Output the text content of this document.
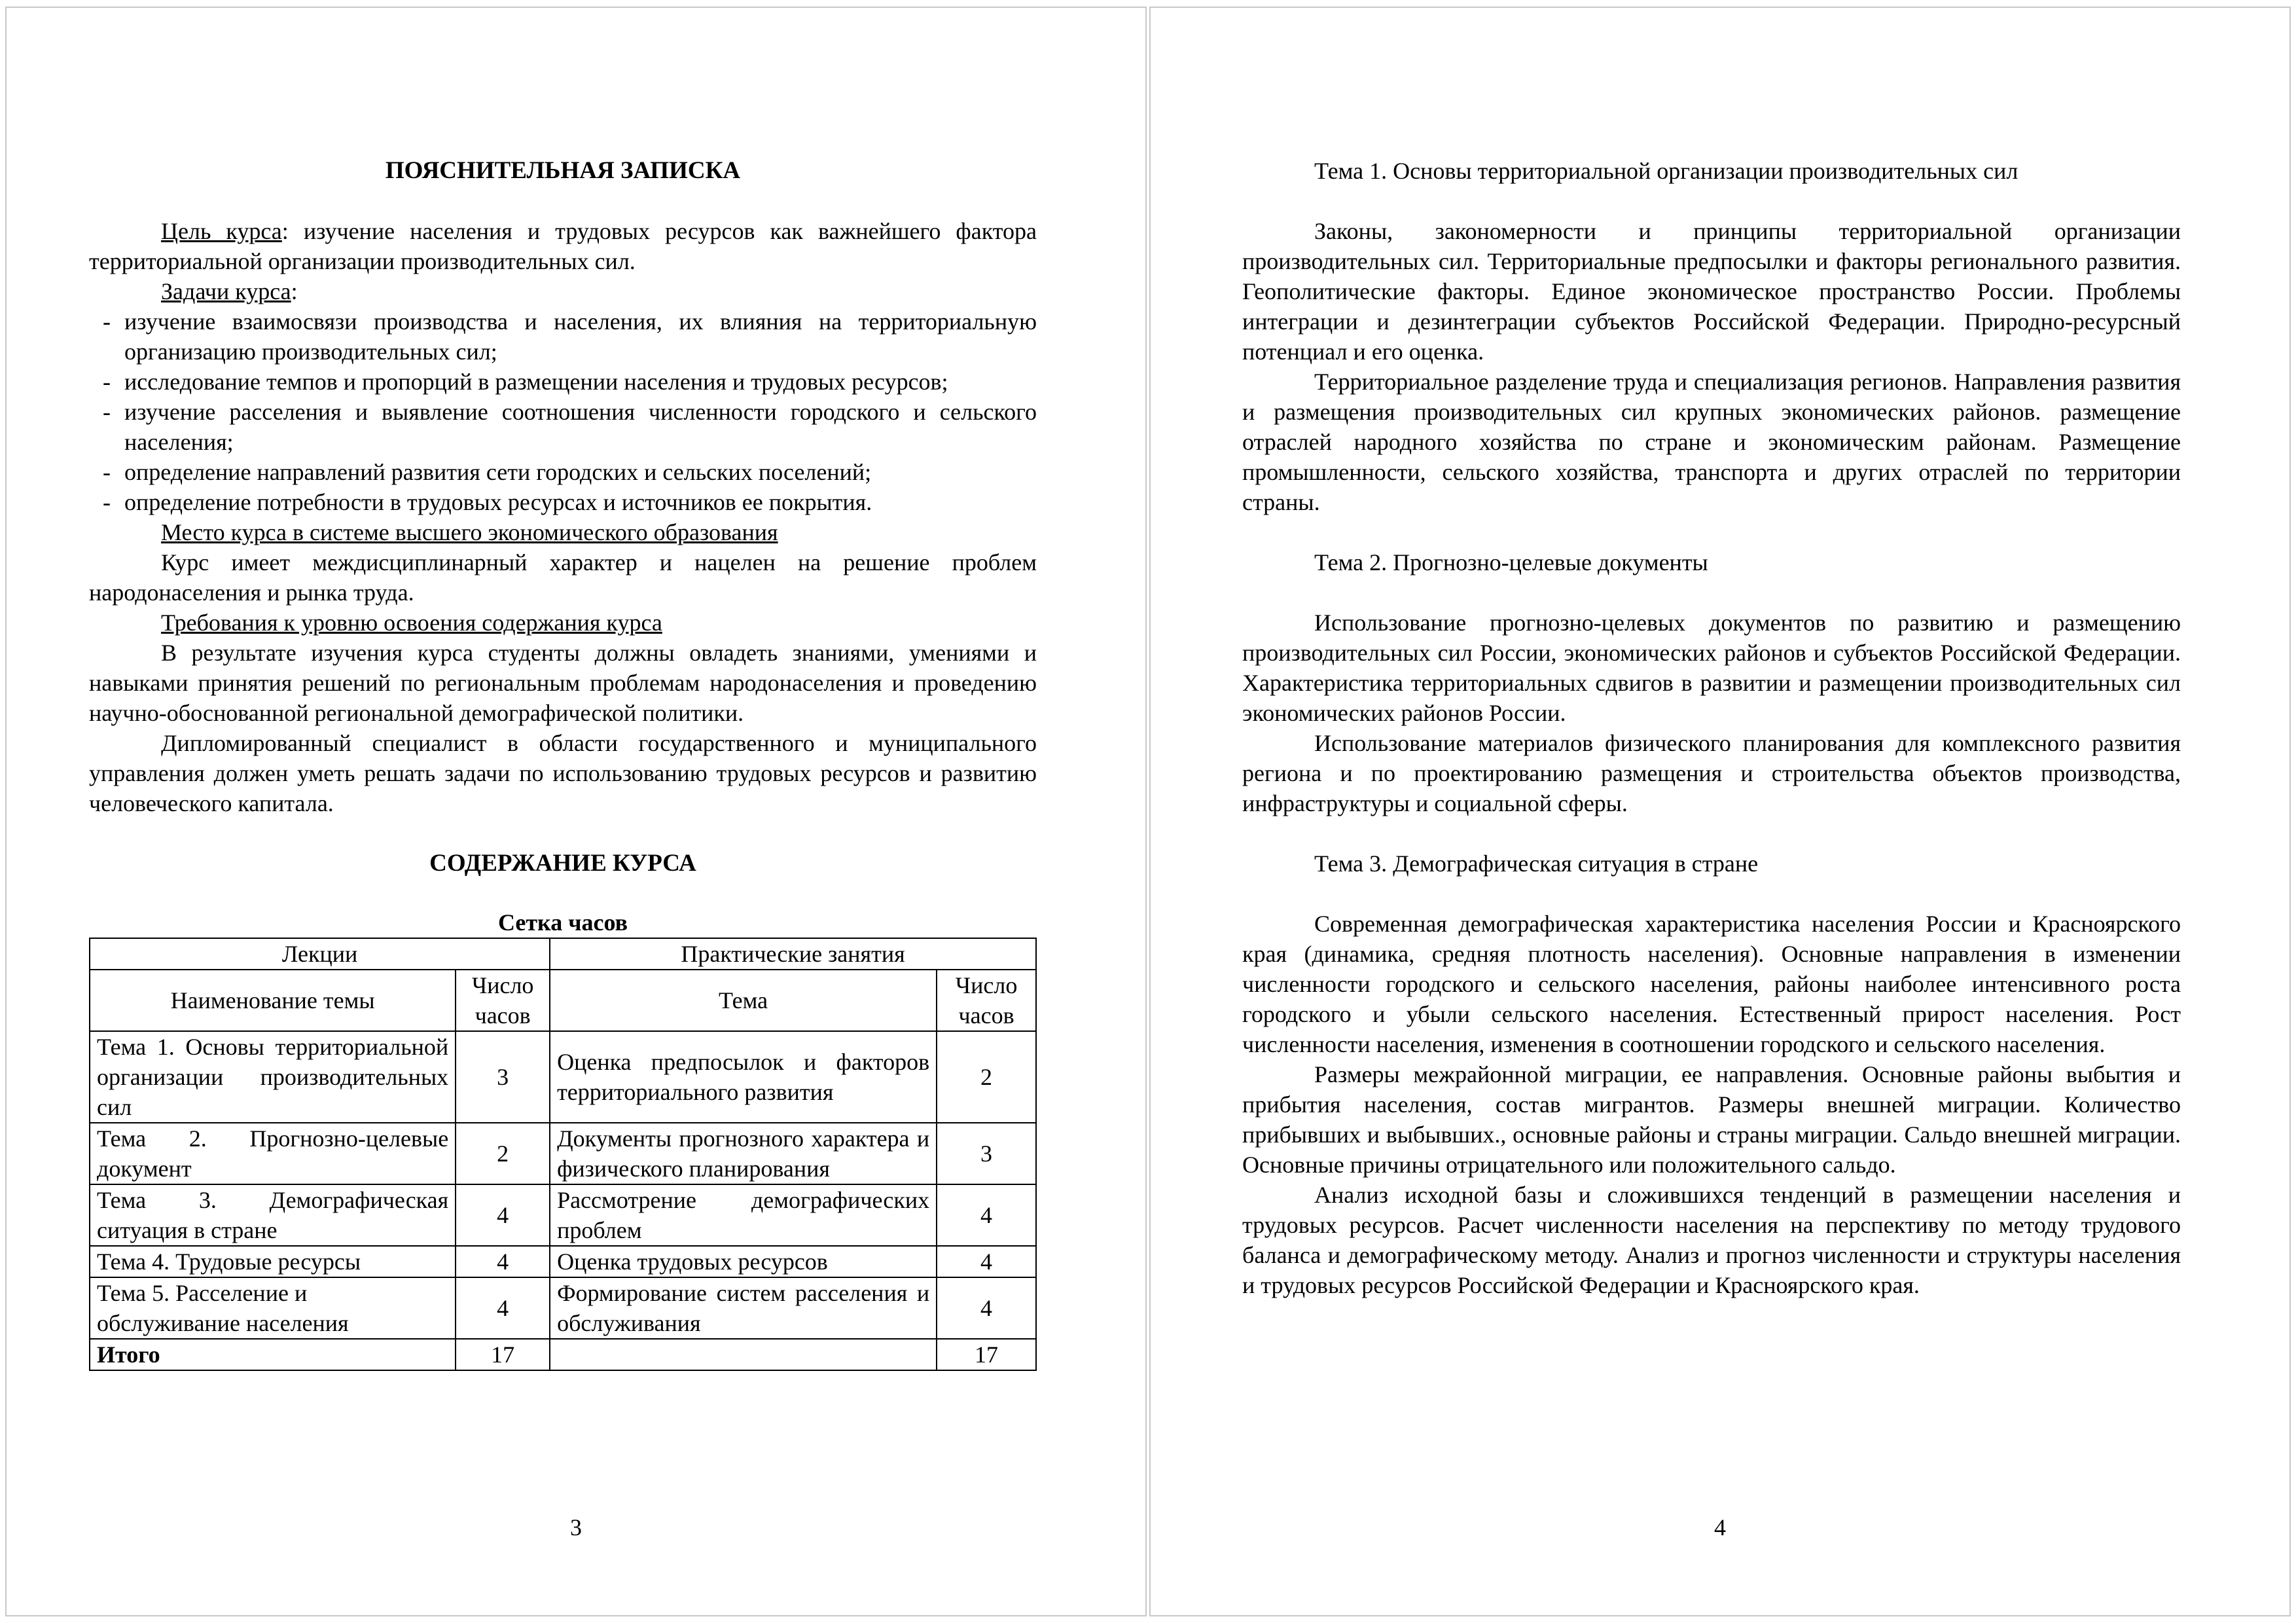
ПОЯСНИТЕЛЬНАЯ ЗАПИСКА

Цель курса: изучение населения и трудовых ресурсов как важнейшего фактора территориальной организации производительных сил.

Задачи курса:

- изучение взаимосвязи производства и населения, их влияния на территориальную организацию производительных сил;
- исследование темпов и пропорций в размещении населения и трудовых ресурсов;
- изучение расселения и выявление соотношения численности городского и сельского населения;
- определение направлений развития сети городских и сельских поселений;
- определение потребности в трудовых ресурсах и источников ее покрытия.

Место курса в системе высшего экономического образования

Курс имеет междисциплинарный характер и нацелен на решение проблем народонаселения и рынка труда.

Требования к уровню освоения содержания курса

В результате изучения курса студенты должны овладеть знаниями, умениями и навыками принятия решений по региональным проблемам народонаселения и проведению научно-обоснованной региональной демографической политики.

Дипломированный специалист в области государственного и муниципального управления должен уметь решать задачи по использованию трудовых ресурсов и развитию человеческого капитала.

СОДЕРЖАНИЕ КУРСА

Сетка часов

Лекции		Практические занятия	
Наименование темы	Число часов	Тема	Число часов
Тема 1. Основы территориальной организации производительных сил	3	Оценка предпосылок и факторов территориального развития	2
Тема 2. Прогнозно-целевые документ	2	Документы прогнозного характера и физического планирования	3
Тема 3. Демографическая ситуация в стране	4	Рассмотрение демографических проблем	4
Тема 4. Трудовые ресурсы	4	Оценка трудовых ресурсов	4
Тема 5. Расселение и обслуживание населения	4	Формирование систем расселения и обслуживания	4
Итого	17		17
3

Тема 1. Основы территориальной организации производительных сил

Законы, закономерности и принципы территориальной организации производительных сил. Территориальные предпосылки и факторы регионального развития. Геополитические факторы. Единое экономическое пространство России. Проблемы интеграции и дезинтеграции субъектов Российской Федерации. Природно-ресурсный потенциал и его оценка.

Территориальное разделение труда и специализация регионов. Направления развития и размещения производительных сил крупных экономических районов. размещение отраслей народного хозяйства по стране и экономическим районам. Размещение промышленности, сельского хозяйства, транспорта и других отраслей по территории страны.

Тема 2. Прогнозно-целевые документы

Использование прогнозно-целевых документов по развитию и размещению производительных сил России, экономических районов и субъектов Российской Федерации. Характеристика территориальных сдвигов в развитии и размещении производительных сил экономических районов России.

Использование материалов физического планирования для комплексного развития региона и по проектированию размещения и строительства объектов производства, инфраструктуры и социальной сферы.

Тема 3. Демографическая ситуация в стране

Современная демографическая характеристика населения России и Красноярского края (динамика, средняя плотность населения). Основные направления в изменении численности городского и сельского населения, районы наиболее интенсивного роста городского и убыли сельского населения. Естественный прирост населения. Рост численности населения, изменения в соотношении городского и сельского населения.

Размеры межрайонной миграции, ее направления. Основные районы выбытия и прибытия населения, состав мигрантов. Размеры внешней миграции. Количество прибывших и выбывших., основные районы и страны миграции. Сальдо внешней миграции. Основные причины отрицательного или положительного сальдо.

Анализ исходной базы и сложившихся тенденций в размещении населения и трудовых ресурсов. Расчет численности населения на перспективу по методу трудового баланса и демографическому методу. Анализ и прогноз численности и структуры населения и трудовых ресурсов Российской Федерации и Красноярского края.

4
